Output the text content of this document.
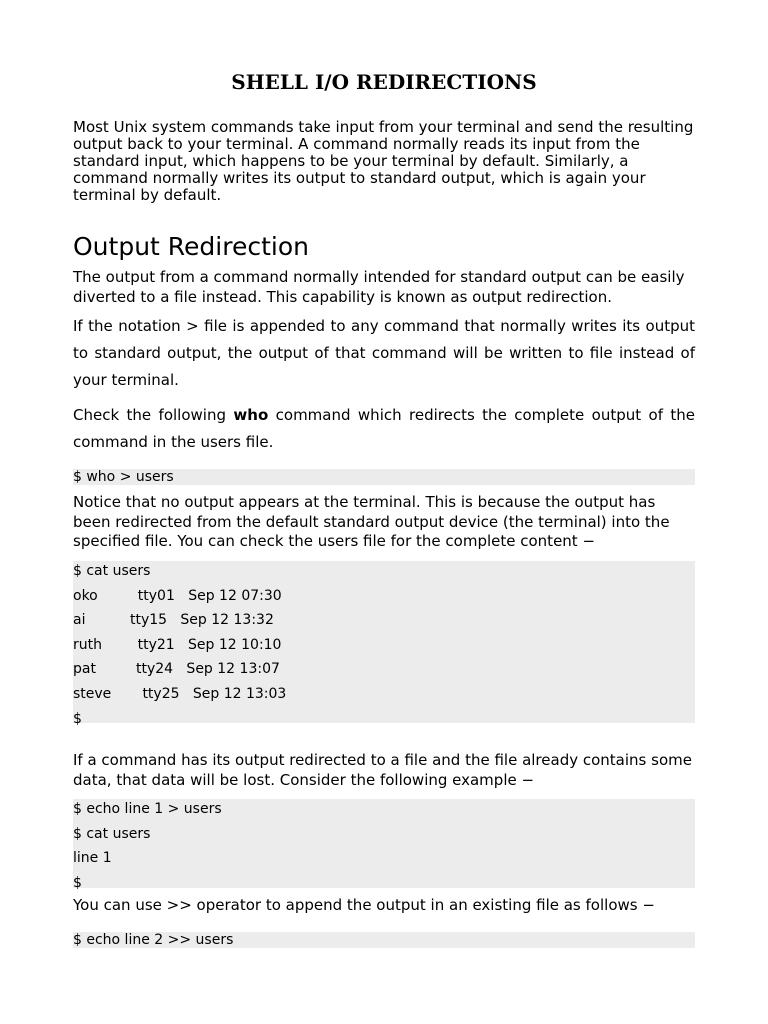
SHELL I/O REDIRECTIONS

Most Unix system commands take input from your terminal and send the resulting output back to your terminal. A command normally reads its input from the standard input, which happens to be your terminal by default. Similarly, a command normally writes its output to standard output, which is again your terminal by default.

Output Redirection

The output from a command normally intended for standard output can be easily diverted to a file instead. This capability is known as output redirection.

If the notation > file is appended to any command that normally writes its output to standard output, the output of that command will be written to file instead of your terminal.

Check the following who command which redirects the complete output of the command in the users file.

$ who > users

Notice that no output appears at the terminal. This is because the output has been redirected from the default standard output device (the terminal) into the specified file. You can check the users file for the complete content −

$ cat users
oko         tty01   Sep 12 07:30
ai          tty15   Sep 12 13:32
ruth        tty21   Sep 12 10:10
pat         tty24   Sep 12 13:07
steve       tty25   Sep 12 13:03
$

If a command has its output redirected to a file and the file already contains some data, that data will be lost. Consider the following example −

$ echo line 1 > users
$ cat users
line 1
$

You can use >> operator to append the output in an existing file as follows −

$ echo line 2 >> users
